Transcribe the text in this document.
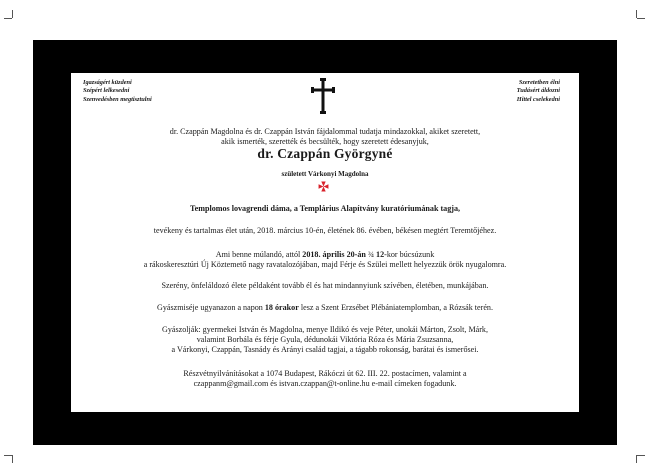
Igazságért küzdeni
Szépért lelkesedni
Szenvedésben megtisztulni
Szeretetben élni
Tudásért áldozni
Hittel cselekedni
dr. Czappán Magdolna és dr. Czappán István fájdalommal tudatja mindazokkal, akiket szeretett,
akik ismerték, szerették és becsülték, hogy szeretett édesanyjuk,
dr. Czappán Györgyné
született Várkonyi Magdolna
Templomos lovagrendi dáma, a Templárius Alapítvány kuratóriumának tagja,
tevékeny és tartalmas élet után, 2018. március 10-én, életének 86. évében, békésen megtért Teremtőjéhez.
Ami benne múlandó, attól 2018. április 20-án ¾ 12-kor búcsúzunk
a rákoskeresztúri Új Köztemető nagy ravatalozójában, majd Férje és Szülei mellett helyezzük örök nyugalomra.
Szerény, önfeláldozó élete példaként tovább él és hat mindannyiunk szívében, életében, munkájában.
Gyászmiséje ugyanazon a napon 18 órakor lesz a Szent Erzsébet Plébániatemplomban, a Rózsák terén.
Gyászolják: gyermekei István és Magdolna, menye Ildikó és veje Péter, unokái Márton, Zsolt, Márk,
valamint Borbála és férje Gyula, dédunokái Viktória Róza és Mária Zsuzsanna,
a Várkonyi, Czappán, Tasnády és Arányi család tagjai, a tágabb rokonság, barátai és ismerősei.
Részvétnyilvánításokat a 1074 Budapest, Rákóczi út 62. III. 22. postacímen, valamint a
czappanm@gmail.com és istvan.czappan@t-online.hu e-mail címeken fogadunk.
